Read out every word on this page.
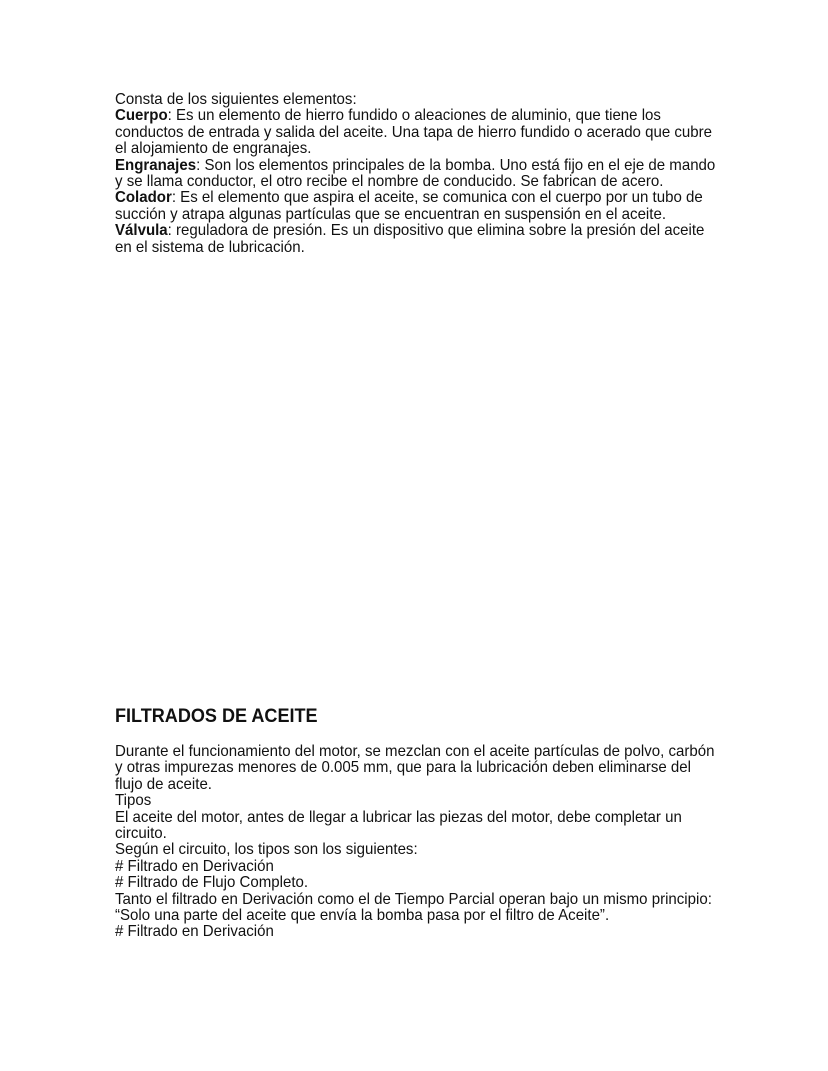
Consta de los siguientes elementos:

Cuerpo: Es un elemento de hierro fundido o aleaciones de aluminio, que tiene los conductos de entrada y salida del aceite. Una tapa de hierro fundido o acerado que cubre el alojamiento de engranajes.

Engranajes: Son los elementos principales de la bomba. Uno está fijo en el eje de mando y se llama conductor, el otro recibe el nombre de conducido. Se fabrican de acero.

Colador: Es el elemento que aspira el aceite, se comunica con el cuerpo por un tubo de succión y atrapa algunas partículas que se encuentran en suspensión en el aceite.

Válvula: reguladora de presión. Es un dispositivo que elimina sobre la presión del aceite en el sistema de lubricación.

FILTRADOS DE ACEITE

Durante el funcionamiento del motor, se mezclan con el aceite partículas de polvo, carbón y otras impurezas menores de 0.005 mm, que para la lubricación deben eliminarse del flujo de aceite.

Tipos

El aceite del motor, antes de llegar a lubricar las piezas del motor, debe completar un circuito.

Según el circuito, los tipos son los siguientes:

# Filtrado en Derivación

# Filtrado de Flujo Completo.

Tanto el filtrado en Derivación como el de Tiempo Parcial operan bajo un mismo principio: “Solo una parte del aceite que envía la bomba pasa por el filtro de Aceite”.

# Filtrado en Derivación
